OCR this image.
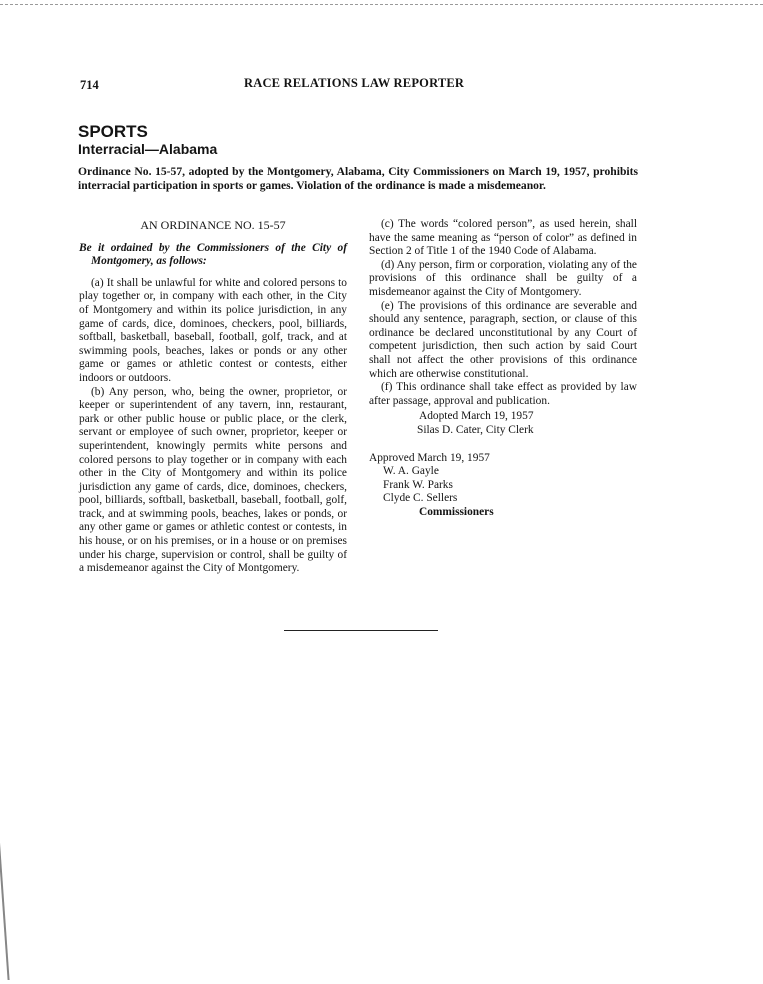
714	RACE RELATIONS LAW REPORTER
SPORTS
Interracial—Alabama

Ordinance No. 15-57, adopted by the Montgomery, Alabama, City Commissioners on March 19, 1957, prohibits interracial participation in sports or games. Violation of the ordinance is made a misdemeanor.

AN ORDINANCE NO. 15-57

Be it ordained by the Commissioners of the City of Montgomery, as follows:

(a) It shall be unlawful for white and colored persons to play together or, in company with each other, in the City of Montgomery and within its police jurisdiction, in any game of cards, dice, dominoes, checkers, pool, billiards, softball, basketball, baseball, football, golf, track, and at swimming pools, beaches, lakes or ponds or any other game or games or athletic contest or contests, either indoors or outdoors.

(b) Any person, who, being the owner, proprietor, or keeper or superintendent of any tavern, inn, restaurant, park or other public house or public place, or the clerk, servant or employee of such owner, proprietor, keeper or superintendent, knowingly permits white persons and colored persons to play together or in company with each other in the City of Montgomery and within its police jurisdiction any game of cards, dice, dominoes, checkers, pool, billiards, softball, basketball, baseball, football, golf, track, and at swimming pools, beaches, lakes or ponds, or any other game or games or athletic contest or contests, in his house, or on his premises, or in a house or on premises under his charge, supervision or control, shall be guilty of a misdemeanor against the City of Montgomery.

(c) The words “colored person”, as used herein, shall have the same meaning as “person of color” as defined in Section 2 of Title 1 of the 1940 Code of Alabama.

(d) Any person, firm or corporation, violating any of the provisions of this ordinance shall be guilty of a misdemeanor against the City of Montgomery.

(e) The provisions of this ordinance are severable and should any sentence, paragraph, section, or clause of this ordinance be declared unconstitutional by any Court of competent jurisdiction, then such action by said Court shall not affect the other provisions of this ordinance which are otherwise constitutional.

(f) This ordinance shall take effect as provided by law after passage, approval and publication.

Adopted March 19, 1957

Silas D. Cater, City Clerk

Approved March 19, 1957

W. A. Gayle

Frank W. Parks

Clyde C. Sellers

Commissioners
